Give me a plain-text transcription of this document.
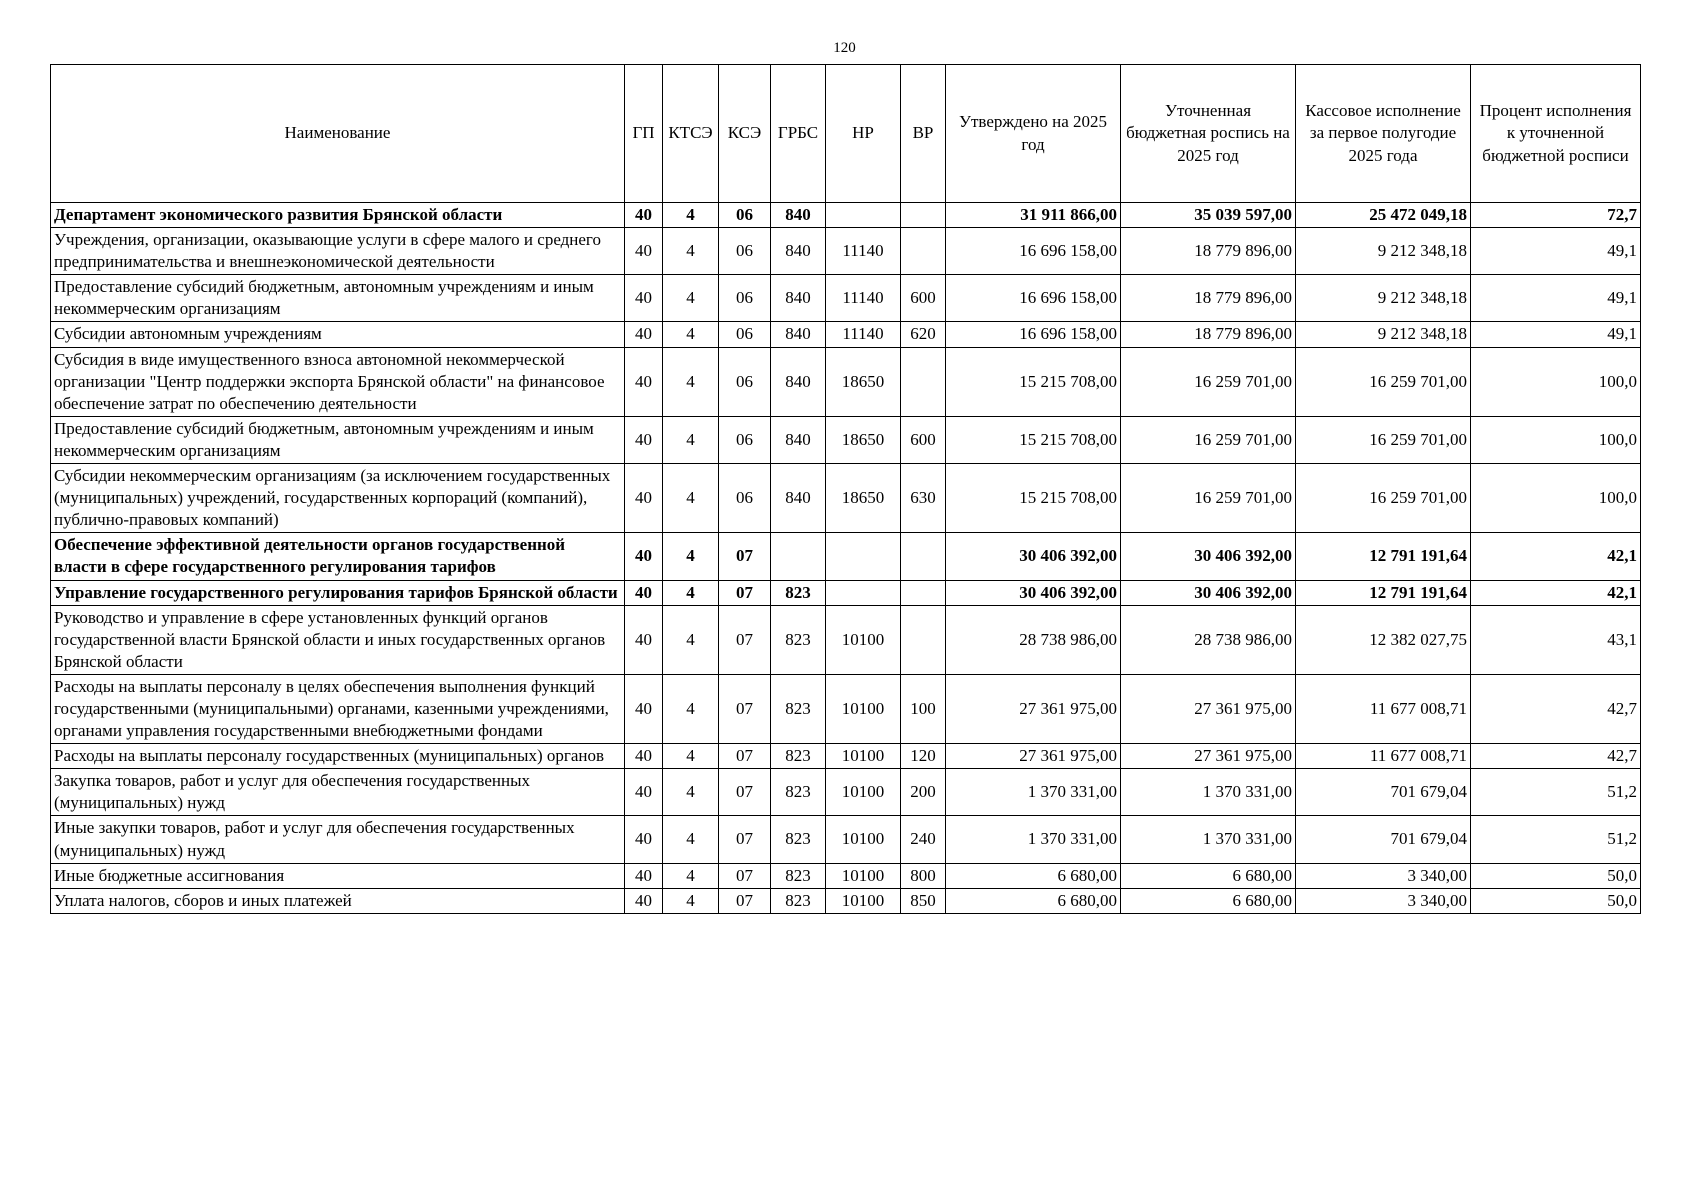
120
Наименование	ГП	КТСЭ	КСЭ	ГРБС	НР	ВР	Утверждено на 2025 год	Уточненная бюджетная роспись на 2025 год	Кассовое исполнение за первое полугодие 2025 года	Процент исполнения к уточненной бюджетной росписи
Департамент экономического развития Брянской области	40	4	06	840			31 911 866,00	35 039 597,00	25 472 049,18	72,7
Учреждения, организации, оказывающие услуги в сфере малого и среднего предпринимательства и внешнеэкономической деятельности	40	4	06	840	11140		16 696 158,00	18 779 896,00	9 212 348,18	49,1
Предоставление субсидий бюджетным, автономным учреждениям и иным некоммерческим организациям	40	4	06	840	11140	600	16 696 158,00	18 779 896,00	9 212 348,18	49,1
Субсидии автономным учреждениям	40	4	06	840	11140	620	16 696 158,00	18 779 896,00	9 212 348,18	49,1
Субсидия в виде имущественного взноса автономной некоммерческой организации "Центр поддержки экспорта Брянской области" на финансовое обеспечение затрат по обеспечению деятельности	40	4	06	840	18650		15 215 708,00	16 259 701,00	16 259 701,00	100,0
Предоставление субсидий бюджетным, автономным учреждениям и иным некоммерческим организациям	40	4	06	840	18650	600	15 215 708,00	16 259 701,00	16 259 701,00	100,0
Субсидии некоммерческим организациям (за исключением государственных (муниципальных) учреждений, государственных корпораций (компаний), публично-правовых компаний)	40	4	06	840	18650	630	15 215 708,00	16 259 701,00	16 259 701,00	100,0
Обеспечение эффективной деятельности органов государственной власти в сфере государственного регулирования тарифов	40	4	07				30 406 392,00	30 406 392,00	12 791 191,64	42,1
Управление государственного регулирования тарифов Брянской области	40	4	07	823			30 406 392,00	30 406 392,00	12 791 191,64	42,1
Руководство и управление в сфере установленных функций органов государственной власти Брянской области и иных государственных органов Брянской области	40	4	07	823	10100		28 738 986,00	28 738 986,00	12 382 027,75	43,1
Расходы на выплаты персоналу в целях обеспечения выполнения функций государственными (муниципальными) органами, казенными учреждениями, органами управления государственными внебюджетными фондами	40	4	07	823	10100	100	27 361 975,00	27 361 975,00	11 677 008,71	42,7
Расходы на выплаты персоналу государственных (муниципальных) органов	40	4	07	823	10100	120	27 361 975,00	27 361 975,00	11 677 008,71	42,7
Закупка товаров, работ и услуг для обеспечения государственных (муниципальных) нужд	40	4	07	823	10100	200	1 370 331,00	1 370 331,00	701 679,04	51,2
Иные закупки товаров, работ и услуг для обеспечения государственных (муниципальных) нужд	40	4	07	823	10100	240	1 370 331,00	1 370 331,00	701 679,04	51,2
Иные бюджетные ассигнования	40	4	07	823	10100	800	6 680,00	6 680,00	3 340,00	50,0
Уплата налогов, сборов и иных платежей	40	4	07	823	10100	850	6 680,00	6 680,00	3 340,00	50,0
